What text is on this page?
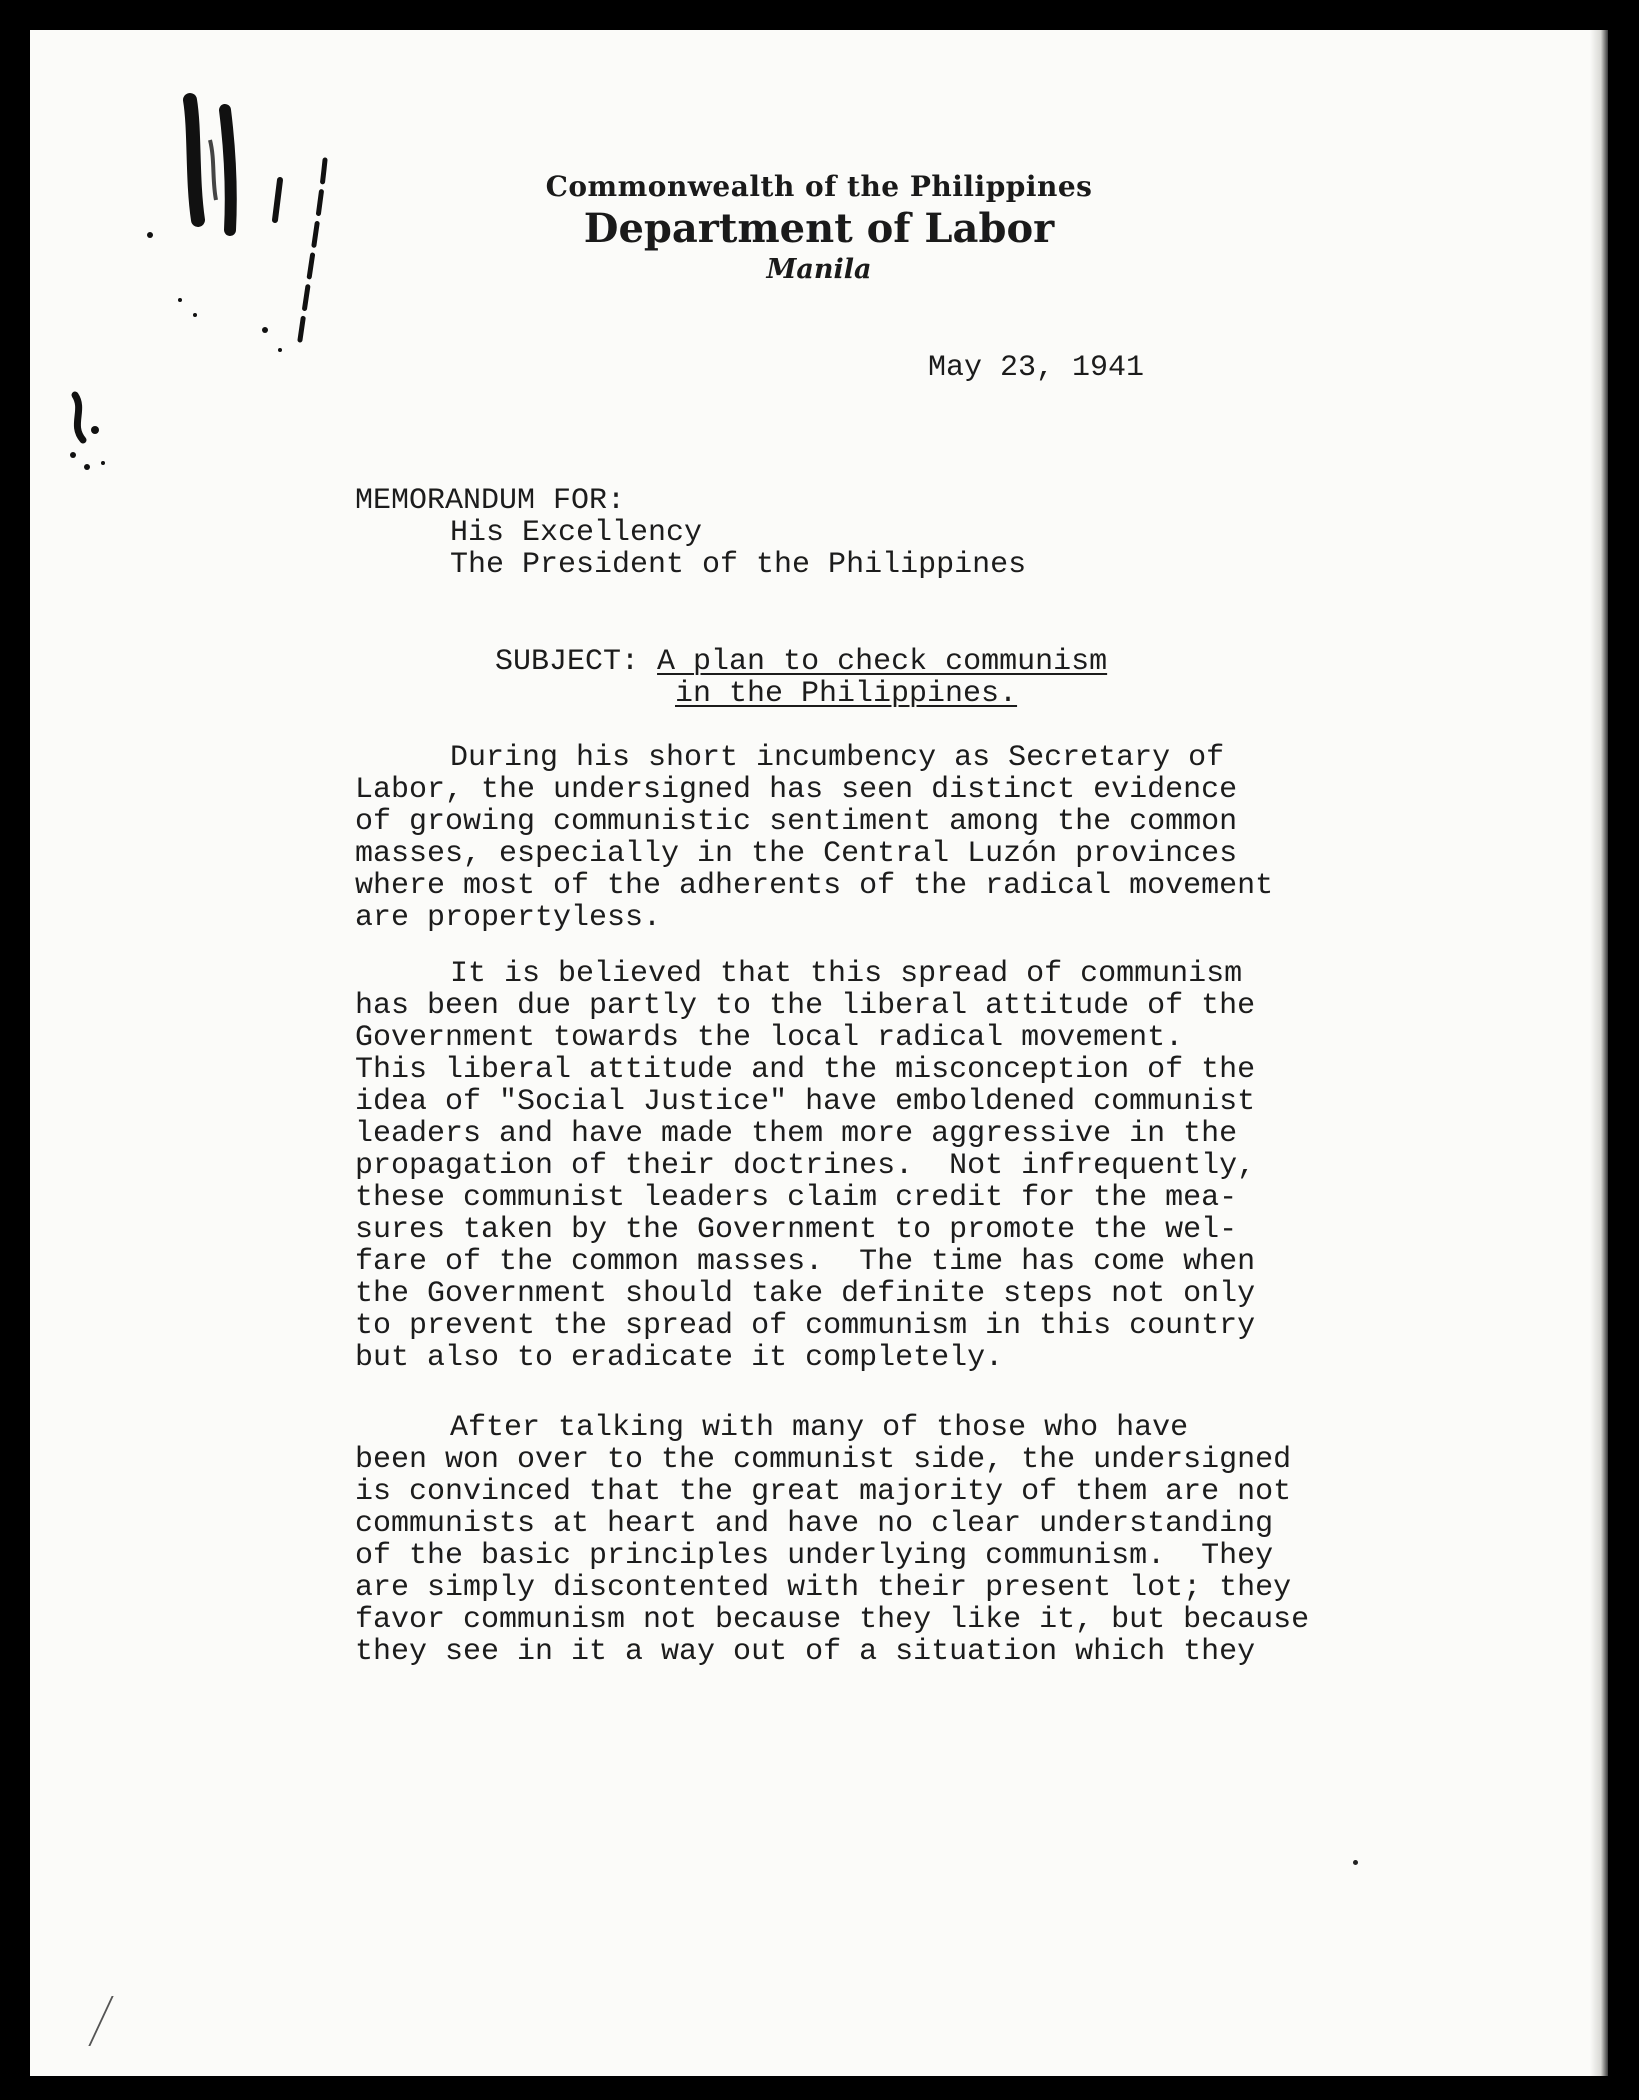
Commonwealth of the Philippines
Department of Labor
Manila
May 23, 1941
MEMORANDUM FOR:
His Excellency
The President of the Philippines
SUBJECT: A plan to check communism
in the Philippines.
During his short incumbency as Secretary of
Labor, the undersigned has seen distinct evidence
of growing communistic sentiment among the common
masses, especially in the Central Luzón provinces
where most of the adherents of the radical movement
are propertyless.
It is believed that this spread of communism
has been due partly to the liberal attitude of the
Government towards the local radical movement.
This liberal attitude and the misconception of the
idea of "Social Justice" have emboldened communist
leaders and have made them more aggressive in the
propagation of their doctrines.  Not infrequently,
these communist leaders claim credit for the mea-
sures taken by the Government to promote the wel-
fare of the common masses.  The time has come when
the Government should take definite steps not only
to prevent the spread of communism in this country
but also to eradicate it completely.
After talking with many of those who have
been won over to the communist side, the undersigned
is convinced that the great majority of them are not
communists at heart and have no clear understanding
of the basic principles underlying communism.  They
are simply discontented with their present lot; they
favor communism not because they like it, but because
they see in it a way out of a situation which they
